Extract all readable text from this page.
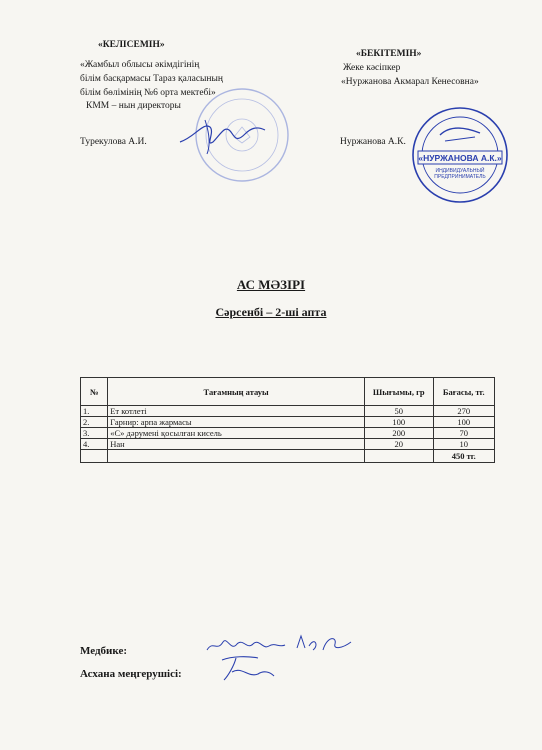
«КЕЛІСЕМІН»
«Жамбыл облысы әкімдігінің
білім басқармасы Тараз қаласының
білім бөлімінің №6 орта мектебі»
КММ – нын директоры
Турекулова А.И.
«БЕКІТЕМІН»
Жеке кәсіпкер
«Нуржанова Акмарал Кенесовна»
Нуржанова А.К.
«НУРЖАНОВА А.К.»
ИНДИВИДУАЛЬНЫЙ ПРЕДПРИНИМАТЕЛЬ
АС МӘЗІРІ
Сәрсенбі – 2-ші апта
№	Тағамның атауы	Шығымы, гр	Бағасы, тг.
1.	Ет котлеті	50	270
2.	Гарнир: арпа жармасы	100	100
3.	«С» дәрумені қосылған кисель	200	70
4.	Нан	20	10
			450 тг.
Медбике:
Асхана меңгерушісі:
